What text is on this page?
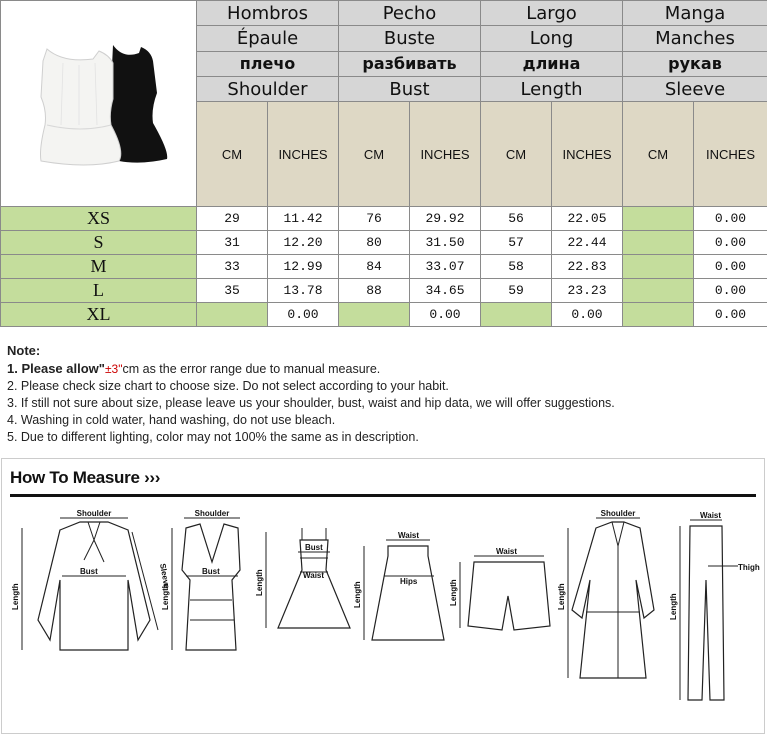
	Hombros		Pecho		Largo		Manga	
	Épaule		Buste		Long		Manches	
	плечо		разбивать		длина		рукав	
	Shoulder		Bust		Length		Sleeve	
	CM	INCHES	CM	INCHES	CM	INCHES	CM	INCHES
XS	29	11.42	76	29.92	56	22.05		0.00
S	31	12.20	80	31.50	57	22.44		0.00
M	33	12.99	84	33.07	58	22.83		0.00
L	35	13.78	88	34.65	59	23.23		0.00
XL		0.00		0.00		0.00		0.00
Note:
1. Please allow"±3"cm as the error range due to manual measure.
2. Please check size chart to choose size. Do not select according to your habit.
3. If still not sure about size, please leave us your shoulder, bust, waist and hip data, we will offer suggestions.
4. Washing in cold water, hand washing, do not use bleach.
5. Due to different lighting, color may not 100% the same as in description.
How To Measure ›››
Shoulder
Bust
Length
Sleeve
Shoulder
Bust
Length
Bust
Waist
Length
Waist
Hips
Length
Waist
Length
Shoulder
Length
Waist
Thigh
Length
